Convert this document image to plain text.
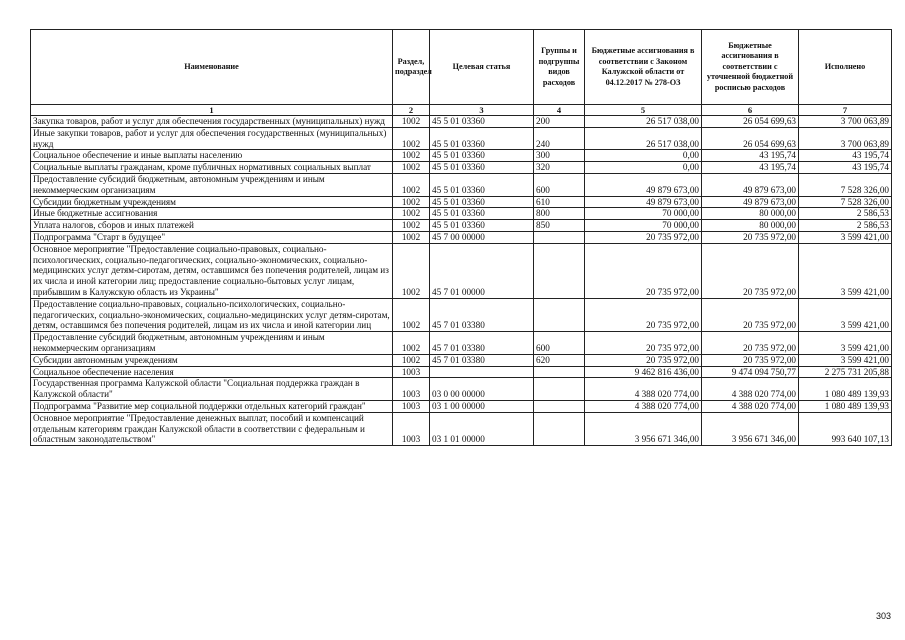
Наименование	Раздел, подраздел	Целевая статья	Группы и подгруппы видов расходов	Бюджетные ассигнования в соответствии с Законом Калужской области от 04.12.2017 № 278-ОЗ	Бюджетные ассигнования в соответствии с уточненной бюджетной росписью расходов	Исполнено
1	2	3	4	5	6	7
Закупка товаров, работ и услуг для обеспечения государственных (муниципальных) нужд	1002	45 5 01 03360	200	26 517 038,00	26 054 699,63	3 700 063,89
Иные закупки товаров, работ и услуг для обеспечения государственных (муниципальных) нужд	1002	45 5 01 03360	240	26 517 038,00	26 054 699,63	3 700 063,89
Социальное обеспечение и иные выплаты населению	1002	45 5 01 03360	300	0,00	43 195,74	43 195,74
Социальные выплаты гражданам, кроме публичных нормативных социальных выплат	1002	45 5 01 03360	320	0,00	43 195,74	43 195,74
Предоставление субсидий бюджетным, автономным учреждениям и иным некоммерческим организациям	1002	45 5 01 03360	600	49 879 673,00	49 879 673,00	7 528 326,00
Субсидии бюджетным учреждениям	1002	45 5 01 03360	610	49 879 673,00	49 879 673,00	7 528 326,00
Иные бюджетные ассигнования	1002	45 5 01 03360	800	70 000,00	80 000,00	2 586,53
Уплата налогов, сборов и иных платежей	1002	45 5 01 03360	850	70 000,00	80 000,00	2 586,53
Подпрограмма "Старт в будущее"	1002	45 7 00 00000		20 735 972,00	20 735 972,00	3 599 421,00
Основное мероприятие "Предоставление социально-правовых, социально-психологических, социально-педагогических, социально-экономических, социально-медицинских услуг детям-сиротам, детям, оставшимся без попечения родителей, лицам из их числа и иной категории лиц; предоставление социально-бытовых услуг лицам, прибывшим в Калужскую область из Украины"	1002	45 7 01 00000		20 735 972,00	20 735 972,00	3 599 421,00
Предоставление социально-правовых, социально-психологических, социально-педагогических, социально-экономических, социально-медицинских услуг детям-сиротам, детям, оставшимся без попечения родителей, лицам из их числа и иной категории лиц	1002	45 7 01 03380		20 735 972,00	20 735 972,00	3 599 421,00
Предоставление субсидий бюджетным, автономным учреждениям и иным некоммерческим организациям	1002	45 7 01 03380	600	20 735 972,00	20 735 972,00	3 599 421,00
Субсидии автономным учреждениям	1002	45 7 01 03380	620	20 735 972,00	20 735 972,00	3 599 421,00
Социальное обеспечение населения	1003			9 462 816 436,00	9 474 094 750,77	2 275 731 205,88
Государственная программа Калужской области "Социальная поддержка граждан в Калужской области"	1003	03 0 00 00000		4 388 020 774,00	4 388 020 774,00	1 080 489 139,93
Подпрограмма "Развитие мер социальной поддержки отдельных категорий граждан"	1003	03 1 00 00000		4 388 020 774,00	4 388 020 774,00	1 080 489 139,93
Основное мероприятие "Предоставление денежных выплат, пособий и компенсаций отдельным категориям граждан Калужской области в соответствии с федеральным и областным законодательством"	1003	03 1 01 00000		3 956 671 346,00	3 956 671 346,00	993 640 107,13
303
